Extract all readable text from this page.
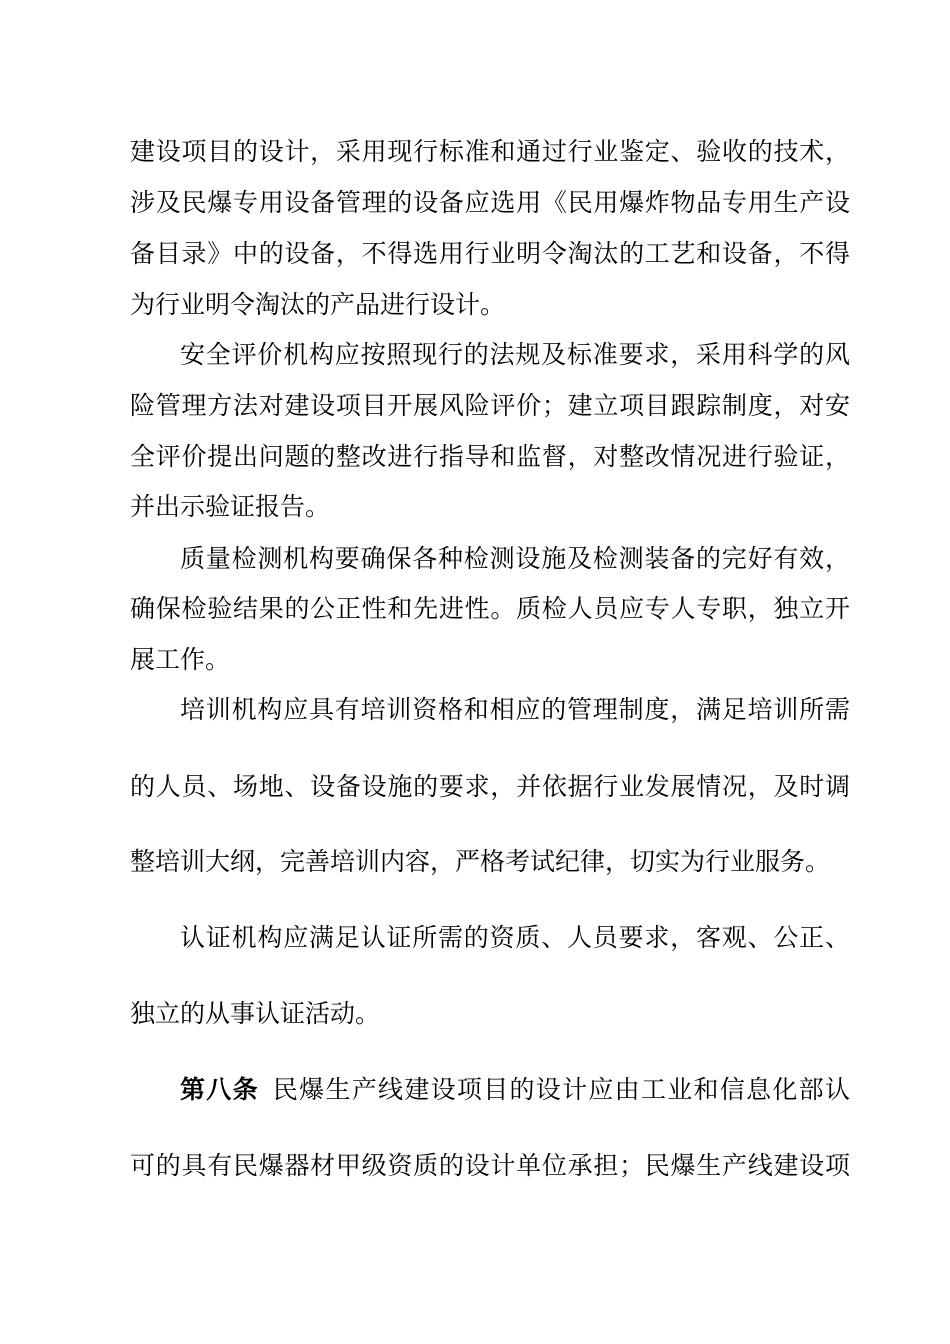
建设项目的设计，采用现行标准和通过行业鉴定、验收的技术，
涉及民爆专用设备管理的设备应选用《民用爆炸物品专用生产设
备目录》中的设备，不得选用行业明令淘汰的工艺和设备，不得
为行业明令淘汰的产品进行设计。
安全评价机构应按照现行的法规及标准要求，采用科学的风
险管理方法对建设项目开展风险评价；建立项目跟踪制度，对安
全评价提出问题的整改进行指导和监督，对整改情况进行验证，
并出示验证报告。
质量检测机构要确保各种检测设施及检测装备的完好有效，
确保检验结果的公正性和先进性。质检人员应专人专职，独立开
展工作。
培训机构应具有培训资格和相应的管理制度，满足培训所需
的人员、场地、设备设施的要求，并依据行业发展情况，及时调
整培训大纲，完善培训内容，严格考试纪律，切实为行业服务。
认证机构应满足认证所需的资质、人员要求，客观、公正、
独立的从事认证活动。
第八条 民爆生产线建设项目的设计应由工业和信息化部认
可的具有民爆器材甲级资质的设计单位承担；民爆生产线建设项
